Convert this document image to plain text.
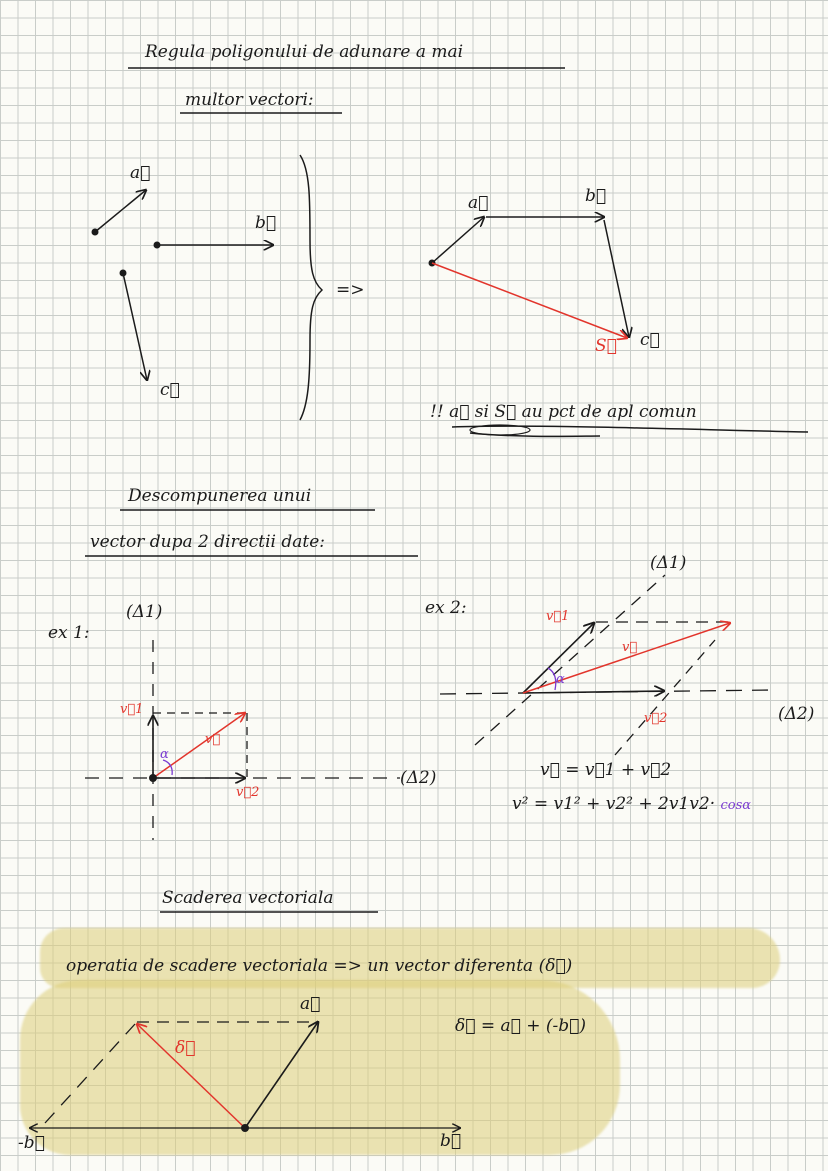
Regula poligonului de adunare a mai
multor vectori:
a⃗
b⃗
c⃗
=>
a⃗	b⃗
c⃗
S⃗
!! a⃗ si S⃗ au pct de apl comun
Descompunerea unui
vector dupa 2 directii date:
ex 1:
(Δ1)
(Δ2)
v⃗
v⃗1
v⃗2
α
ex 2:
(Δ1)
(Δ2)
v⃗
v⃗1
v⃗2
α
v⃗ = v⃗1 + v⃗2
v² = v1² + v2² + 2v1v2· cosα
Scaderea vectoriala
operatia de scadere vectoriala => un vector diferenta (δ⃗)
δ⃗ = a⃗ + (-b⃗)
a⃗
b⃗
-b⃗
δ⃗
